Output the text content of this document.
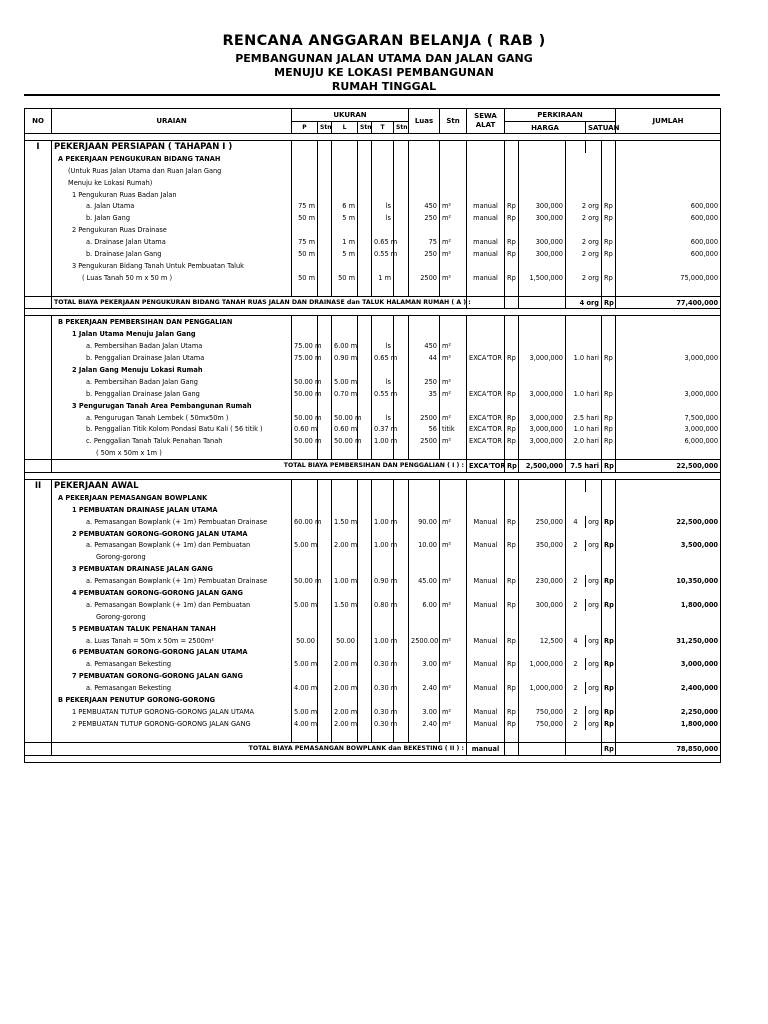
RENCANA ANGGARAN BELANJA ( RAB )
PEMBANGUNAN JALAN UTAMA DAN JALAN GANG
MENUJU KE LOKASI PEMBANGUNAN
RUMAH TINGGAL
NO	URAIAN	UKURAN						Luas	Stn	SEWA ALAT	PERKIRAAN					JUMLAH
		P	Stn	L	Stn	T	Stn				HARGA			SATUAN		

I	PEKERJAAN PERSIAPAN ( TAHAPAN I )															
	A PEKERJAAN PENGUKURAN BIDANG TANAH															
	(Untuk Ruas Jalan Utama dan Ruan Jalan Gang															
	Menuju ke Lokasi Rumah)															
	1 Pengukuran Ruas Badan Jalan															
	a. Jalan Utama	75 m		6 m		ls		450	m²	manual	Rp	300,000	2 org		Rp	600,000
	b. Jalan Gang	50 m		5 m		ls		250	m²	manual	Rp	300,000	2 org		Rp	600,000
	2 Pengukuran Ruas Drainase															
	a. Drainase Jalan Utama	75 m		1 m		0.65 m		75	m²	manual	Rp	300,000	2 org		Rp	600,000
	b. Drainase Jalan Gang	50 m		5 m		0.55 m		250	m²	manual	Rp	300,000	2 org		Rp	600,000
	3 Pengukuran Bidang Tanah Untuk Pembuatan Taluk															
	( Luas Tanah 50 m x 50 m )	50 m		50 m		1 m		2500	m²	manual	Rp	1,500,000	2 org		Rp	75,000,000

	TOTAL BIAYA PEKERJAAN PENGUKURAN BIDANG TANAH RUAS JALAN DAN DRAINASE dan TALUK HALAMAN RUMAH ( A ) :												4 org		Rp	77,400,000

	B PEKERJAAN PEMBERSIHAN DAN PENGGALIAN															
	1 Jalan Utama Menuju Jalan Gang															
	a. Pembersihan Badan Jalan Utama	75.00 m		6.00 m		ls		450	m²							
	b. Penggalian Drainase Jalan Utama	75.00 m		0.90 m		0.65 m		44	m²	EXCA'TOR	Rp	3,000,000	1.0 hari		Rp	3,000,000
	2 Jalan Gang Menuju Lokasi Rumah															
	a. Pembersihan Badan Jalan Gang	50.00 m		5.00 m		ls		250	m²							
	b. Penggalian Drainase Jalan Gang	50.00 m		0.70 m		0.55 m		35	m²	EXCA'TOR	Rp	3,000,000	1.0 hari		Rp	3,000,000
	3 Pengurugan Tanah Area Pembangunan Rumah															
	a. Pengurugan Tanah Lembek ( 50mx50m )	50.00 m		50.00 m		ls		2500	m²	EXCA'TOR	Rp	3,000,000	2.5 hari		Rp	7,500,000
	b. Penggalian Titik Kolom Pondasi Batu Kali ( 56 titik )	0.60 m		0.60 m		0.37 m		56	titik	EXCA'TOR	Rp	3,000,000	1.0 hari		Rp	3,000,000
	c. Penggalian Tanah Taluk Penahan Tanah	50.00 m		50.00 m		1.00 m		2500	m²	EXCA'TOR	Rp	3,000,000	2.0 hari		Rp	6,000,000
	( 50m x 50m x 1m )															
	TOTAL BIAYA PEMBERSIHAN DAN PENGGALIAN ( I ) :									EXCA'TOR	Rp	2,500,000	7.5 hari		Rp	22,500,000

II	PEKERJAAN AWAL															
	A PEKERJAAN PEMASANGAN BOWPLANK															
	1 PEMBUATAN DRAINASE JALAN UTAMA															
	a. Pemasangan Bowplank (+ 1m) Pembuatan Drainase	60.00 m		1.50 m		1.00 m		90.00	m²	Manual	Rp	250,000	4	org	Rp	22,500,000
	2 PEMBUATAN GORONG-GORONG JALAN UTAMA															
	a. Pemasangan Bowplank (+ 1m) dan Pembuatan	5.00 m		2.00 m		1.00 m		10.00	m²	Manual	Rp	350,000	2	org	Rp	3,500,000
	Gorong-gorong															
	3 PEMBUATAN DRAINASE JALAN GANG															
	a. Pemasangan Bowplank (+ 1m) Pembuatan Drainase	50.00 m		1.00 m		0.90 m		45.00	m²	Manual	Rp	230,000	2	org	Rp	10,350,000
	4 PEMBUATAN GORONG-GORONG JALAN GANG															
	a. Pemasangan Bowplank (+ 1m) dan Pembuatan	5.00 m		1.50 m		0.80 m		6.00	m²	Manual	Rp	300,000	2	org	Rp	1,800,000
	Gorong-gorong															
	5 PEMBUATAN TALUK PENAHAN TANAH															
	a. Luas Tanah = 50m x 50m = 2500m²	50.00		50.00		1.00 m		2500.00	m²	Manual	Rp	12,500	4	org	Rp	31,250,000
	6 PEMBUATAN GORONG-GORONG JALAN UTAMA															
	a. Pemasangan Bekesting	5.00 m		2.00 m		0.30 m		3.00	m²	Manual	Rp	1,000,000	2	org	Rp	3,000,000
	7 PEMBUATAN GORONG-GORONG JALAN GANG															
	a. Pemasangan Bekesting	4.00 m		2.00 m		0.30 m		2.40	m²	Manual	Rp	1,000,000	2	org	Rp	2,400,000
	B PEKERJAAN PENUTUP GORONG-GORONG															
	1 PEMBUATAN TUTUP GORONG-GORONG JALAN UTAMA	5.00 m		2.00 m		0.30 m		3.00	m²	Manual	Rp	750,000	2	org	Rp	2,250,000
	2 PEMBUATAN TUTUP GORONG-GORONG JALAN GANG	4.00 m		2.00 m		0.30 m		2.40	m²	Manual	Rp	750,000	2	org	Rp	1,800,000

	TOTAL BIAYA PEMASANGAN BOWPLANK dan BEKESTING ( II ) :									manual					Rp	78,850,000
